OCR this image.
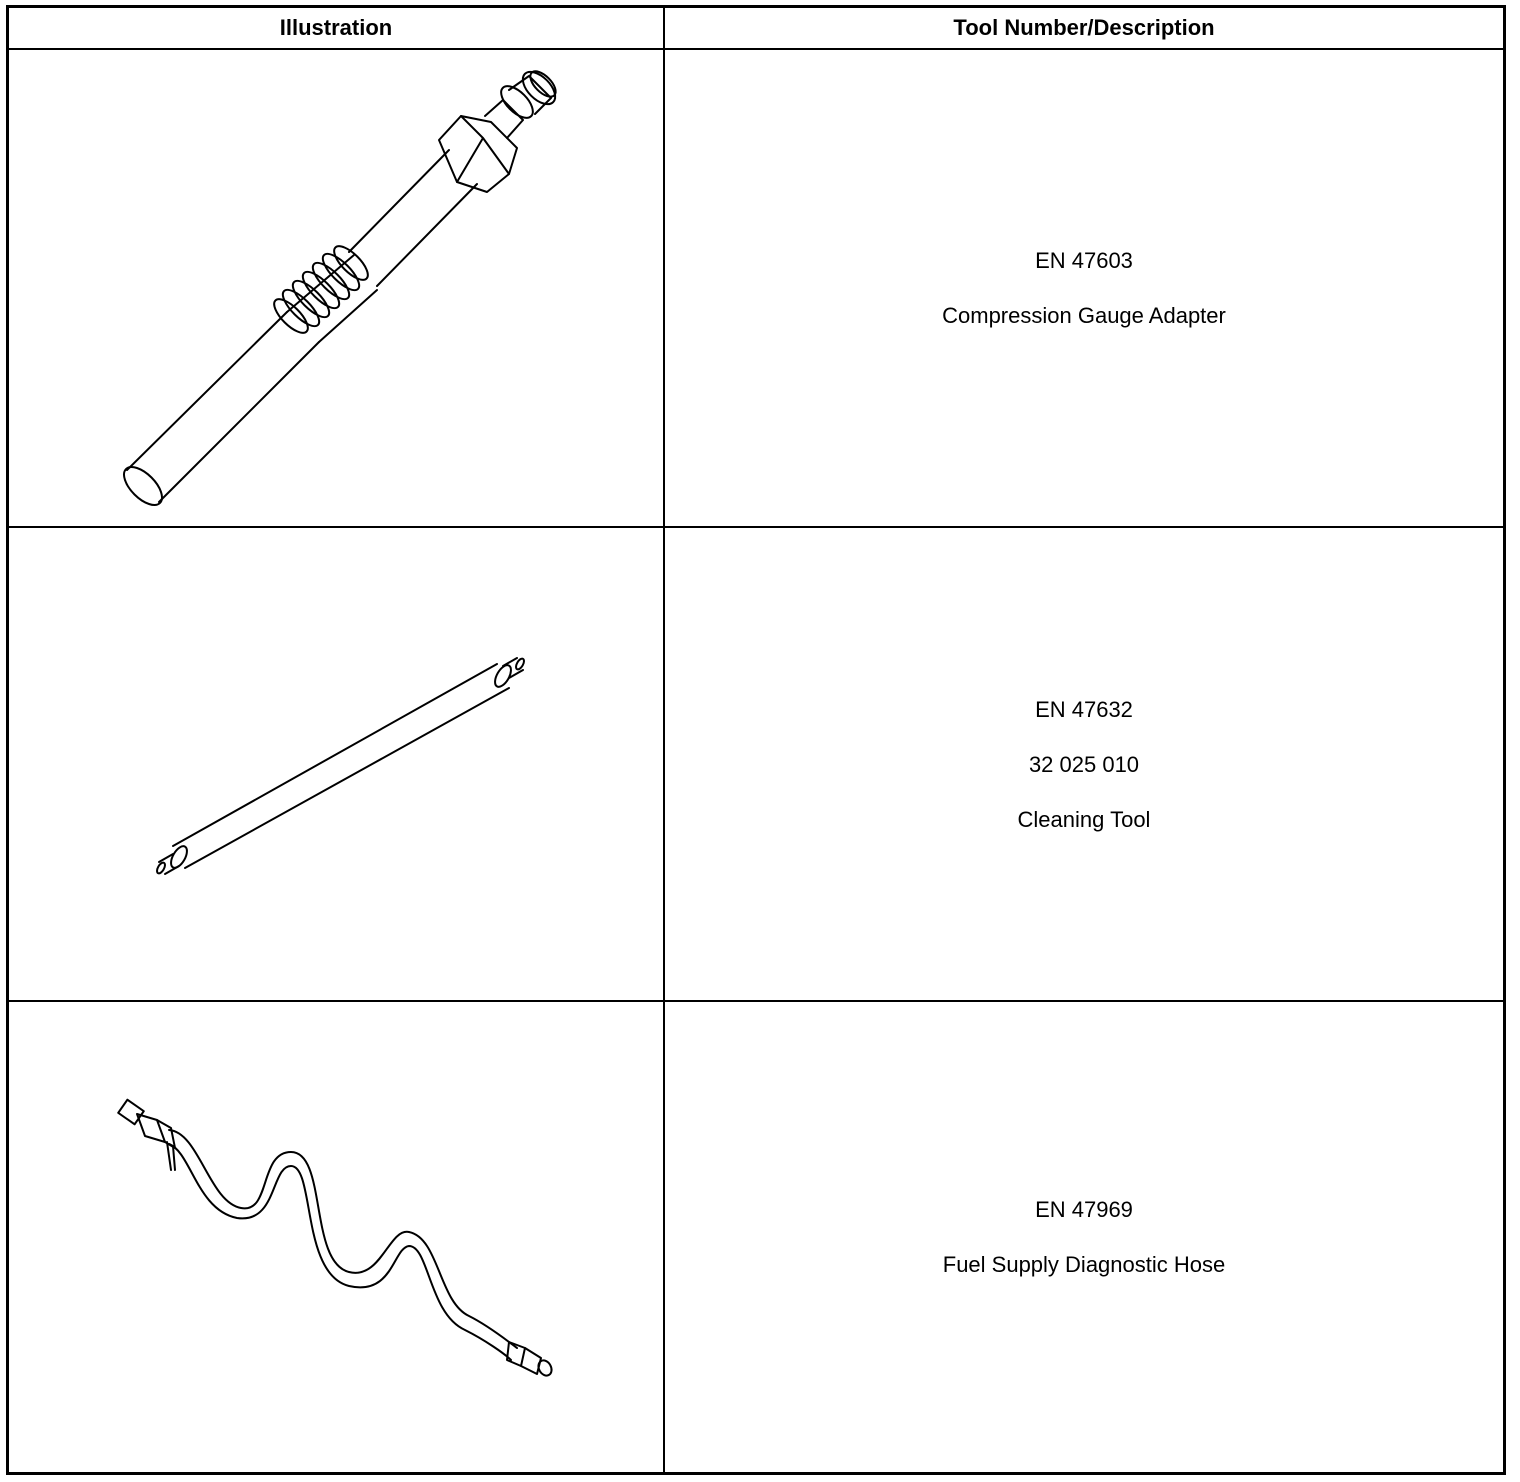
Illustration	Tool Number/Description
EN 47603
Compression Gauge Adapter
EN 47632
32 025 010
Cleaning Tool
EN 47969
Fuel Supply Diagnostic Hose
